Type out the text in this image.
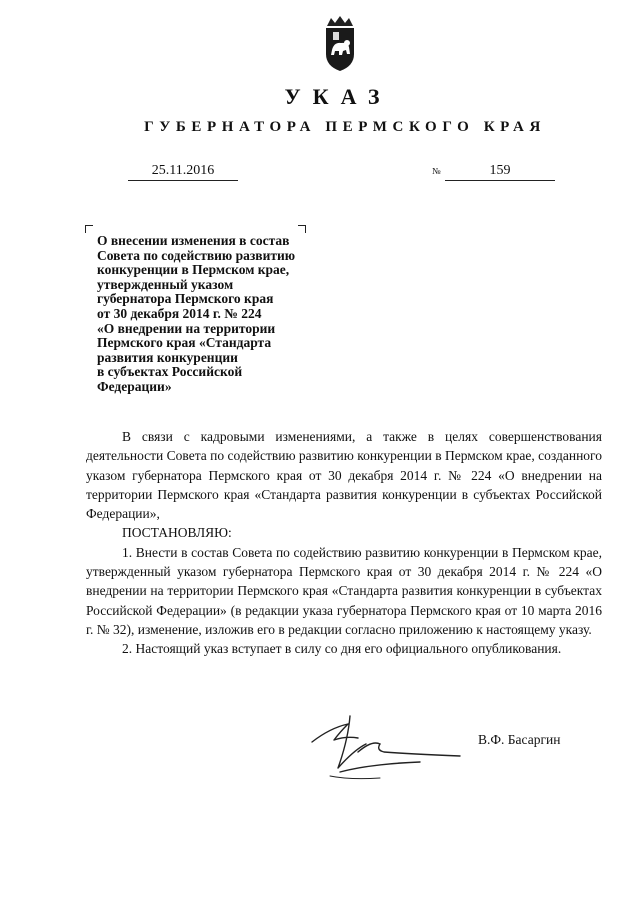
УКАЗ
ГУБЕРНАТОРА ПЕРМСКОГО КРАЯ
25.11.2016	№	159

О внесении изменения в состав
Совета по содействию развитию
конкуренции в Пермском крае,
утвержденный указом
губернатора Пермского края
от 30 декабря 2014 г. № 224
«О внедрении на территории
Пермского края «Стандарта
развития конкуренции
в субъектах Российской
Федерации»

В связи с кадровыми изменениями, а также в целях совершенствования деятельности Совета по содействию развитию конкуренции в Пермском крае, созданного указом губернатора Пермского края от 30 декабря 2014 г. № 224 «О внедрении на территории Пермского края «Стандарта развития конкуренции в субъектах Российской Федерации»,

ПОСТАНОВЛЯЮ:

1. Внести в состав Совета по содействию развитию конкуренции в Пермском крае, утвержденный указом губернатора Пермского края от 30 декабря 2014 г. № 224 «О внедрении на территории Пермского края «Стандарта развития конкуренции в субъектах Российской Федерации» (в редакции указа губернатора Пермского края от 10 марта 2016 г. № 32), изменение, изложив его в редакции согласно приложению к настоящему указу.

2. Настоящий указ вступает в силу со дня его официального опубликования.

В.Ф. Басаргин
